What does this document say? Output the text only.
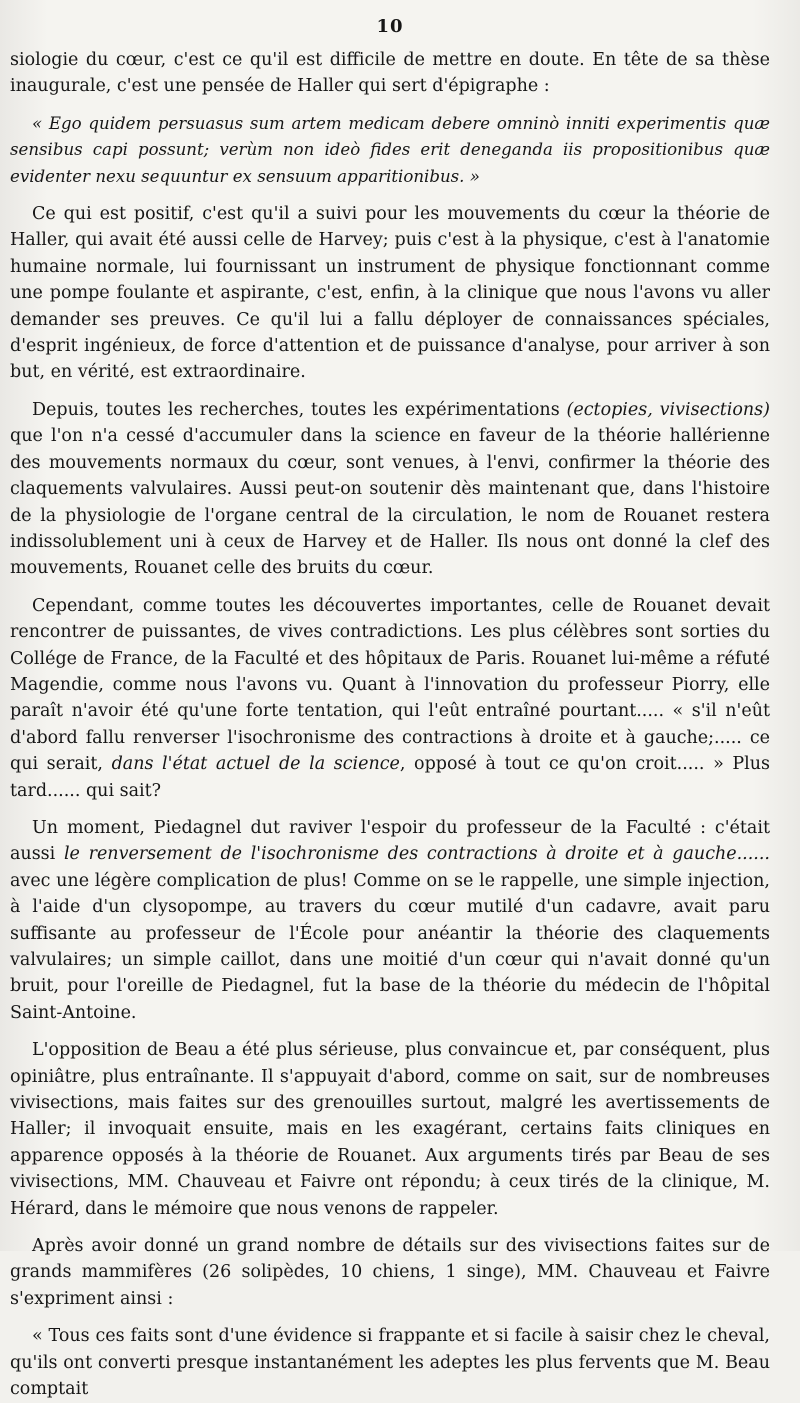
10

siologie du cœur, c'est ce qu'il est difficile de mettre en doute. En tête de sa thèse inaugurale, c'est une pensée de Haller qui sert d'épigraphe :

« Ego quidem persuasus sum artem medicam debere omninò inniti experimentis quæ sensibus capi possunt; verùm non ideò fides erit deneganda iis propositionibus quæ evidenter nexu sequuntur ex sensuum apparitionibus. »

Ce qui est positif, c'est qu'il a suivi pour les mouvements du cœur la théorie de Haller, qui avait été aussi celle de Harvey; puis c'est à la physique, c'est à l'anatomie humaine normale, lui fournissant un instrument de physique fonctionnant comme une pompe foulante et aspirante, c'est, enfin, à la clinique que nous l'avons vu aller demander ses preuves. Ce qu'il lui a fallu déployer de connaissances spéciales, d'esprit ingénieux, de force d'attention et de puissance d'analyse, pour arriver à son but, en vérité, est extraordinaire.

Depuis, toutes les recherches, toutes les expérimentations (ectopies, vivisections) que l'on n'a cessé d'accumuler dans la science en faveur de la théorie hallérienne des mouvements normaux du cœur, sont venues, à l'envi, confirmer la théorie des claquements valvulaires. Aussi peut-on soutenir dès maintenant que, dans l'histoire de la physiologie de l'organe central de la circulation, le nom de Rouanet restera indissolublement uni à ceux de Harvey et de Haller. Ils nous ont donné la clef des mouvements, Rouanet celle des bruits du cœur.

Cependant, comme toutes les découvertes importantes, celle de Rouanet devait rencontrer de puissantes, de vives contradictions. Les plus célèbres sont sorties du Collége de France, de la Faculté et des hôpitaux de Paris. Rouanet lui-même a réfuté Magendie, comme nous l'avons vu. Quant à l'innovation du professeur Piorry, elle paraît n'avoir été qu'une forte tentation, qui l'eût entraîné pourtant..... « s'il n'eût d'abord fallu renverser l'isochronisme des contractions à droite et à gauche;..... ce qui serait, dans l'état actuel de la science, opposé à tout ce qu'on croit..... » Plus tard...... qui sait?

Un moment, Piedagnel dut raviver l'espoir du professeur de la Faculté : c'était aussi le renversement de l'isochronisme des contractions à droite et à gauche...... avec une légère complication de plus! Comme on se le rappelle, une simple injection, à l'aide d'un clysopompe, au travers du cœur mutilé d'un cadavre, avait paru suffisante au professeur de l'École pour anéantir la théorie des claquements valvulaires; un simple caillot, dans une moitié d'un cœur qui n'avait donné qu'un bruit, pour l'oreille de Piedagnel, fut la base de la théorie du médecin de l'hôpital Saint-Antoine.

L'opposition de Beau a été plus sérieuse, plus convaincue et, par conséquent, plus opiniâtre, plus entraînante. Il s'appuyait d'abord, comme on sait, sur de nombreuses vivisections, mais faites sur des grenouilles surtout, malgré les avertissements de Haller; il invoquait ensuite, mais en les exagérant, certains faits cliniques en apparence opposés à la théorie de Rouanet. Aux arguments tirés par Beau de ses vivisections, MM. Chauveau et Faivre ont répondu; à ceux tirés de la clinique, M. Hérard, dans le mémoire que nous venons de rappeler.

Après avoir donné un grand nombre de détails sur des vivisections faites sur de grands mammifères (26 solipèdes, 10 chiens, 1 singe), MM. Chauveau et Faivre s'expriment ainsi :

« Tous ces faits sont d'une évidence si frappante et si facile à saisir chez le cheval, qu'ils ont converti presque instantanément les adeptes les plus fervents que M. Beau comptait
